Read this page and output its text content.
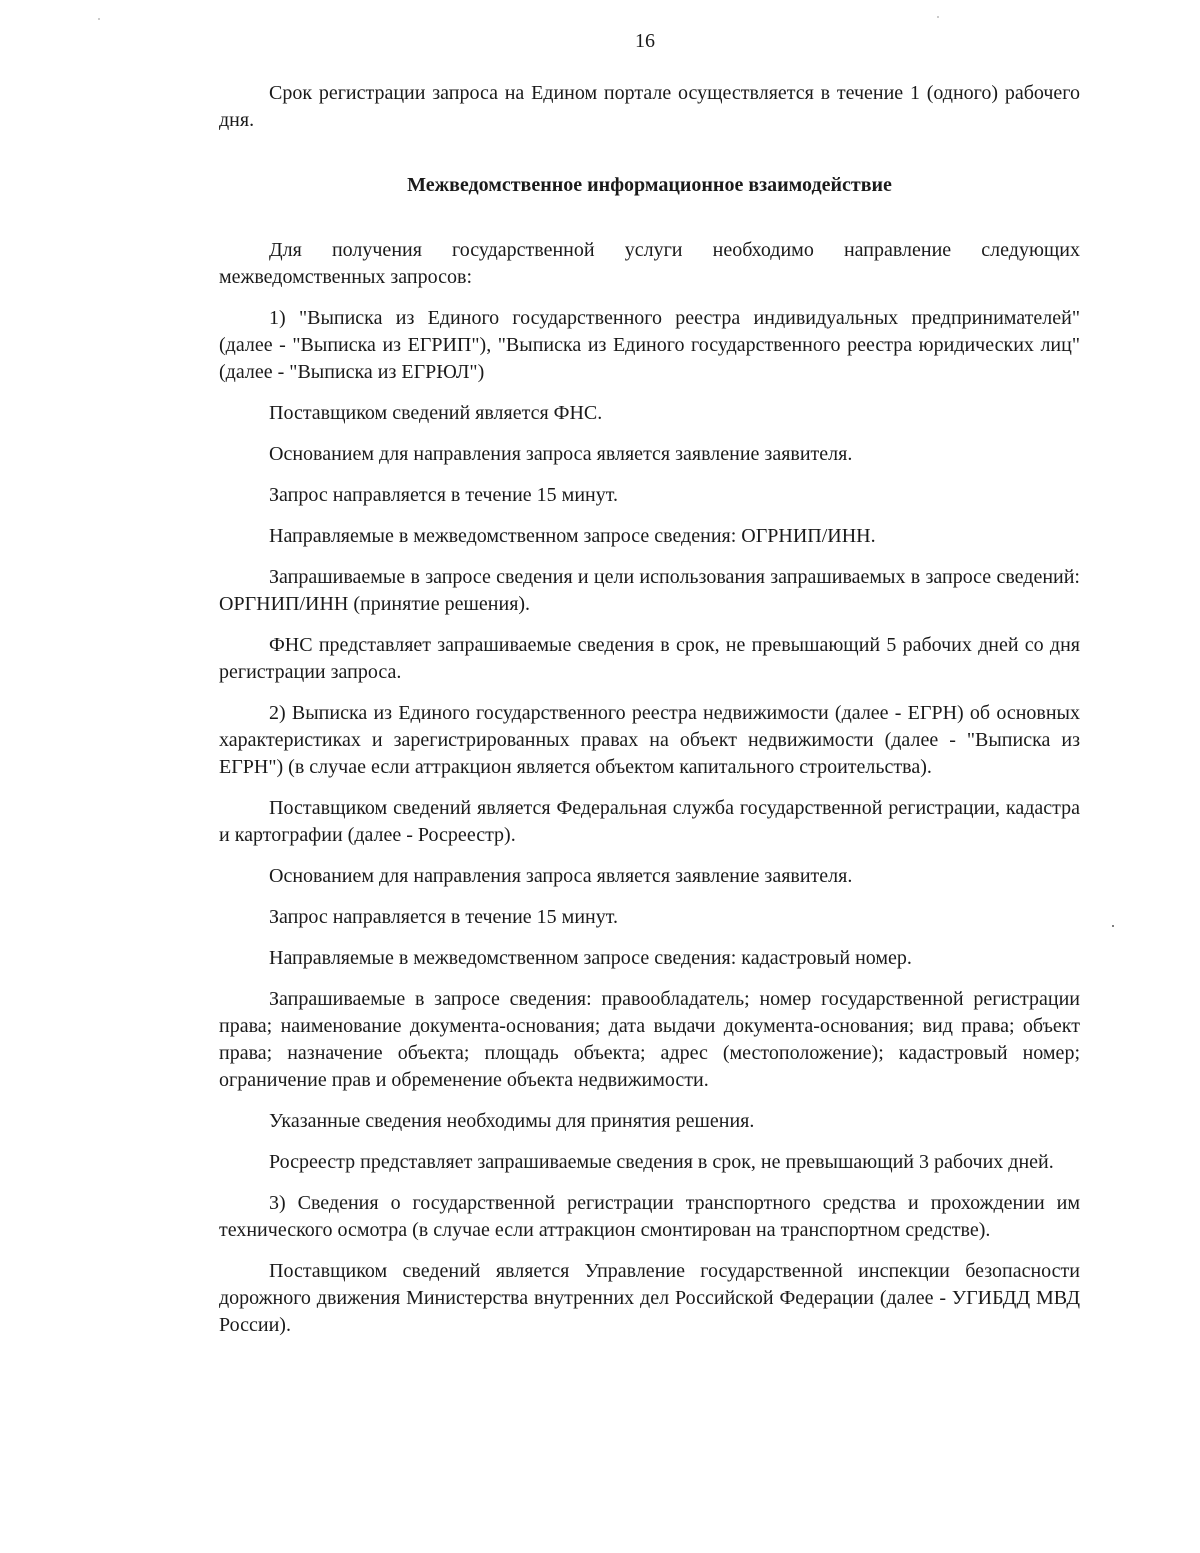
16

Срок регистрации запроса на Едином портале осуществляется в течение 1 (одного) рабочего дня.

Межведомственное информационное взаимодействие

Для получения государственной услуги необходимо направление следующих межведомственных запросов:

1) "Выписка из Единого государственного реестра индивидуальных предпринимателей" (далее - "Выписка из ЕГРИП"), "Выписка из Единого государственного реестра юридических лиц" (далее - "Выписка из ЕГРЮЛ")

Поставщиком сведений является ФНС.

Основанием для направления запроса является заявление заявителя.

Запрос направляется в течение 15 минут.

Направляемые в межведомственном запросе сведения: ОГРНИП/ИНН.

Запрашиваемые в запросе сведения и цели использования запрашиваемых в запросе сведений: ОРГНИП/ИНН (принятие решения).

ФНС представляет запрашиваемые сведения в срок, не превышающий 5 рабочих дней со дня регистрации запроса.

2) Выписка из Единого государственного реестра недвижимости (далее - ЕГРН) об основных характеристиках и зарегистрированных правах на объект недвижимости (далее - "Выписка из ЕГРН") (в случае если аттракцион является объектом капитального строительства).

Поставщиком сведений является Федеральная служба государственной регистрации, кадастра и картографии (далее - Росреестр).

Основанием для направления запроса является заявление заявителя.

Запрос направляется в течение 15 минут.

Направляемые в межведомственном запросе сведения: кадастровый номер.

Запрашиваемые в запросе сведения: правообладатель; номер государственной регистрации права; наименование документа-основания; дата выдачи документа-основания; вид права; объект права; назначение объекта; площадь объекта; адрес (местоположение); кадастровый номер; ограничение прав и обременение объекта недвижимости.

Указанные сведения необходимы для принятия решения.

Росреестр представляет запрашиваемые сведения в срок, не превышающий 3 рабочих дней.

3) Сведения о государственной регистрации транспортного средства и прохождении им технического осмотра (в случае если аттракцион смонтирован на транспортном средстве).

Поставщиком сведений является Управление государственной инспекции безопасности дорожного движения Министерства внутренних дел Российской Федерации (далее - УГИБДД МВД России).
